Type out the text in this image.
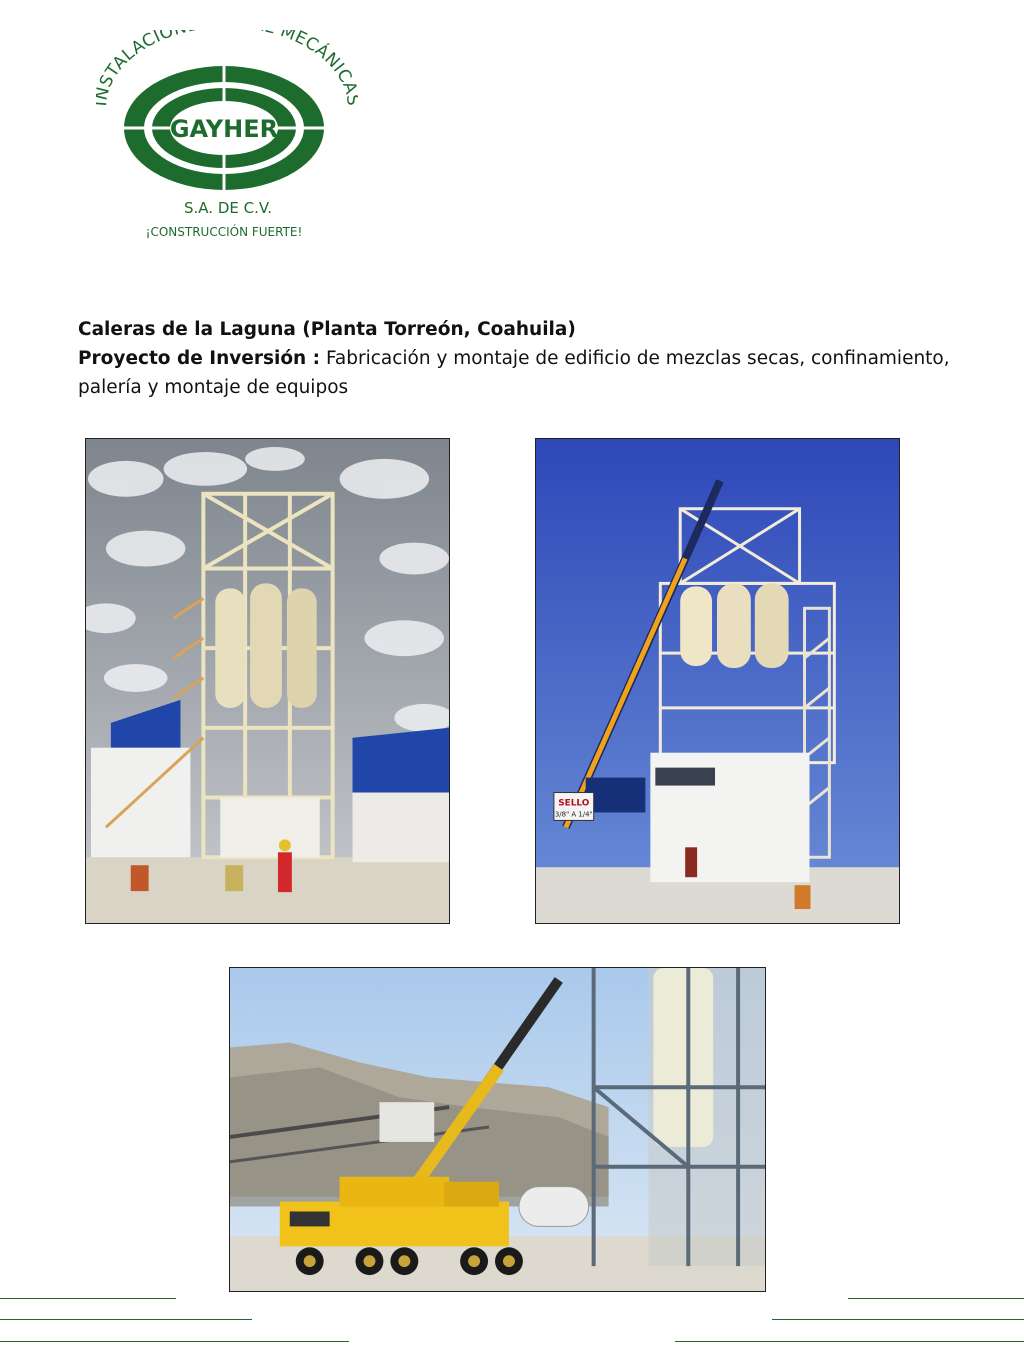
STALACIO MECÁNIC
GAYHER
S.A. DE C.V.
¡CONSTRUCCIÓN FUERTE!
Caleras de la Laguna (Planta Torreón, Coahuila)
Proyecto de Inversión : Fabricación y montaje de edificio de mezclas secas, confinamiento,
palería y montaje de equipos
SELLO
3/8" A 1/4"
